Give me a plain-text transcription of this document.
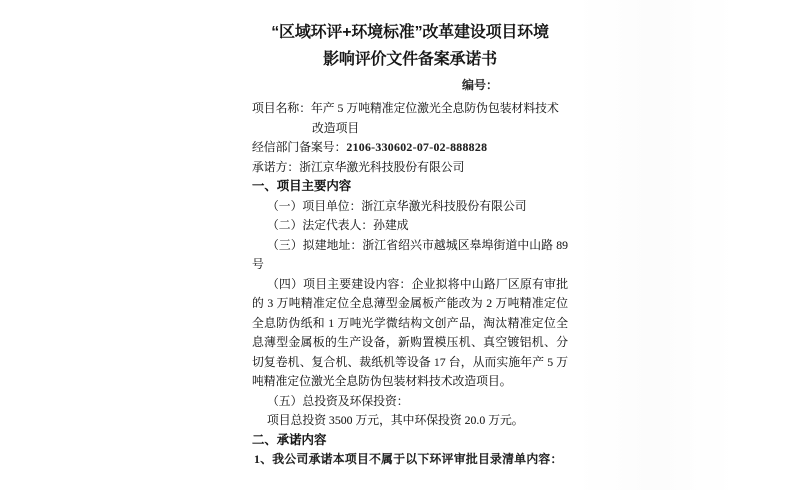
“区域环评+环境标准”改革建设项目环境
影响评价文件备案承诺书
编号：

项目名称：年产 5 万吨精准定位激光全息防伪包装材料技术改造项目

经信部门备案号：2106-330602-07-02-888828

承诺方：浙江京华激光科技股份有限公司

一、项目主要内容

（一）项目单位：浙江京华激光科技股份有限公司

（二）法定代表人：孙建成

（三）拟建地址：浙江省绍兴市越城区皋埠街道中山路 89 号

（四）项目主要建设内容：企业拟将中山路厂区原有审批的 3 万吨精准定位全息薄型金属板产能改为 2 万吨精准定位全息防伪纸和 1 万吨光学微结构文创产品，淘汰精准定位全息薄型金属板的生产设备，新购置模压机、真空镀铝机、分切复卷机、复合机、裁纸机等设备 17 台，从而实施年产 5 万吨精准定位激光全息防伪包装材料技术改造项目。

（五）总投资及环保投资：

项目总投资 3500 万元，其中环保投资 20.0 万元。

二、承诺内容

1、我公司承诺本项目不属于以下环评审批目录清单内容：
